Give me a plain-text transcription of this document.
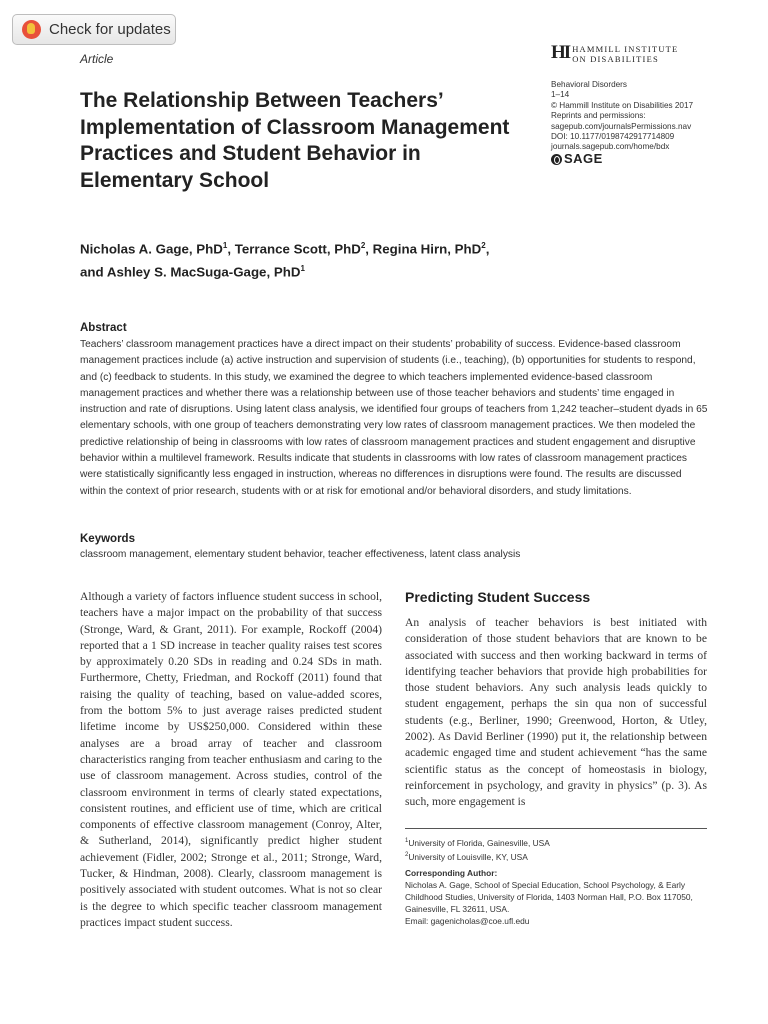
Check for updates
Article	HI HAMMILL INSTITUTE
ON DISABILITIES
Behavioral Disorders
1–14
© Hammill Institute on Disabilities 2017
Reprints and permissions:
sagepub.com/journalsPermissions.nav
DOI: 10.1177/0198742917714809
journals.sagepub.com/home/bdx
SAGE
The Relationship Between Teachers’ Implementation of Classroom Management Practices and Student Behavior in Elementary School
Nicholas A. Gage, PhD$^1$, Terrance Scott, PhD$^2$, Regina Hirn, PhD$^2$,
and Ashley S. MacSuga-Gage, PhD$^1$
Abstract

Teachers’ classroom management practices have a direct impact on their students’ probability of success. Evidence-based classroom management practices include (a) active instruction and supervision of students (i.e., teaching), (b) opportunities for students to respond, and (c) feedback to students. In this study, we examined the degree to which teachers implemented evidence-based classroom management practices and whether there was a relationship between use of those teacher behaviors and students’ time engaged in instruction and rate of disruptions. Using latent class analysis, we identified four groups of teachers from 1,242 teacher–student dyads in 65 elementary schools, with one group of teachers demonstrating very low rates of classroom management practices. We then modeled the predictive relationship of being in classrooms with low rates of classroom management practices and student engagement and disruptive behavior within a multilevel framework. Results indicate that students in classrooms with low rates of classroom management practices were statistically significantly less engaged in instruction, whereas no differences in disruptions were found. The results are discussed within the context of prior research, students with or at risk for emotional and/or behavioral disorders, and study limitations.

Keywords
classroom management, elementary student behavior, teacher effectiveness, latent class analysis

Although a variety of factors influence student success in school, teachers have a major impact on the probability of that success (Stronge, Ward, & Grant, 2011). For example, Rockoff (2004) reported that a 1 SD increase in teacher quality raises test scores by approximately 0.20 SDs in reading and 0.24 SDs in math. Furthermore, Chetty, Friedman, and Rockoff (2011) found that raising the quality of teaching, based on value-added scores, from the bottom 5% to just average raises predicted student lifetime income by US$250,000. Considered within these analyses are a broad array of teacher and classroom characteristics ranging from teacher enthusiasm and caring to the use of classroom management. Across studies, control of the classroom environment in terms of clearly stated expectations, consistent routines, and efficient use of time, which are critical components of effective classroom management (Conroy, Alter, & Sutherland, 2014), significantly predict higher student achievement (Fidler, 2002; Stronge et al., 2011; Stronge, Ward, Tucker, & Hindman, 2008). Clearly, classroom management is positively associated with student outcomes. What is not so clear is the degree to which specific teacher classroom management practices impact student success.

Predicting Student Success

An analysis of teacher behaviors is best initiated with consideration of those student behaviors that are known to be associated with success and then working backward in terms of identifying teacher behaviors that provide high probabilities for those student behaviors. Any such analysis leads quickly to student engagement, perhaps the sin qua non of successful students (e.g., Berliner, 1990; Greenwood, Horton, & Utley, 2002). As David Berliner (1990) put it, the relationship between academic engaged time and student achievement “has the same scientific status as the concept of homeostasis in biology, reinforcement in psychology, and gravity in physics” (p. 3). As such, more engagement is

$^1$University of Florida, Gainesville, USA
$^2$University of Louisville, KY, USA
Corresponding Author:
Nicholas A. Gage, School of Special Education, School Psychology, & Early Childhood Studies, University of Florida, 1403 Norman Hall, P.O. Box 117050, Gainesville, FL 32611, USA.
Email: gagenicholas@coe.ufl.edu
